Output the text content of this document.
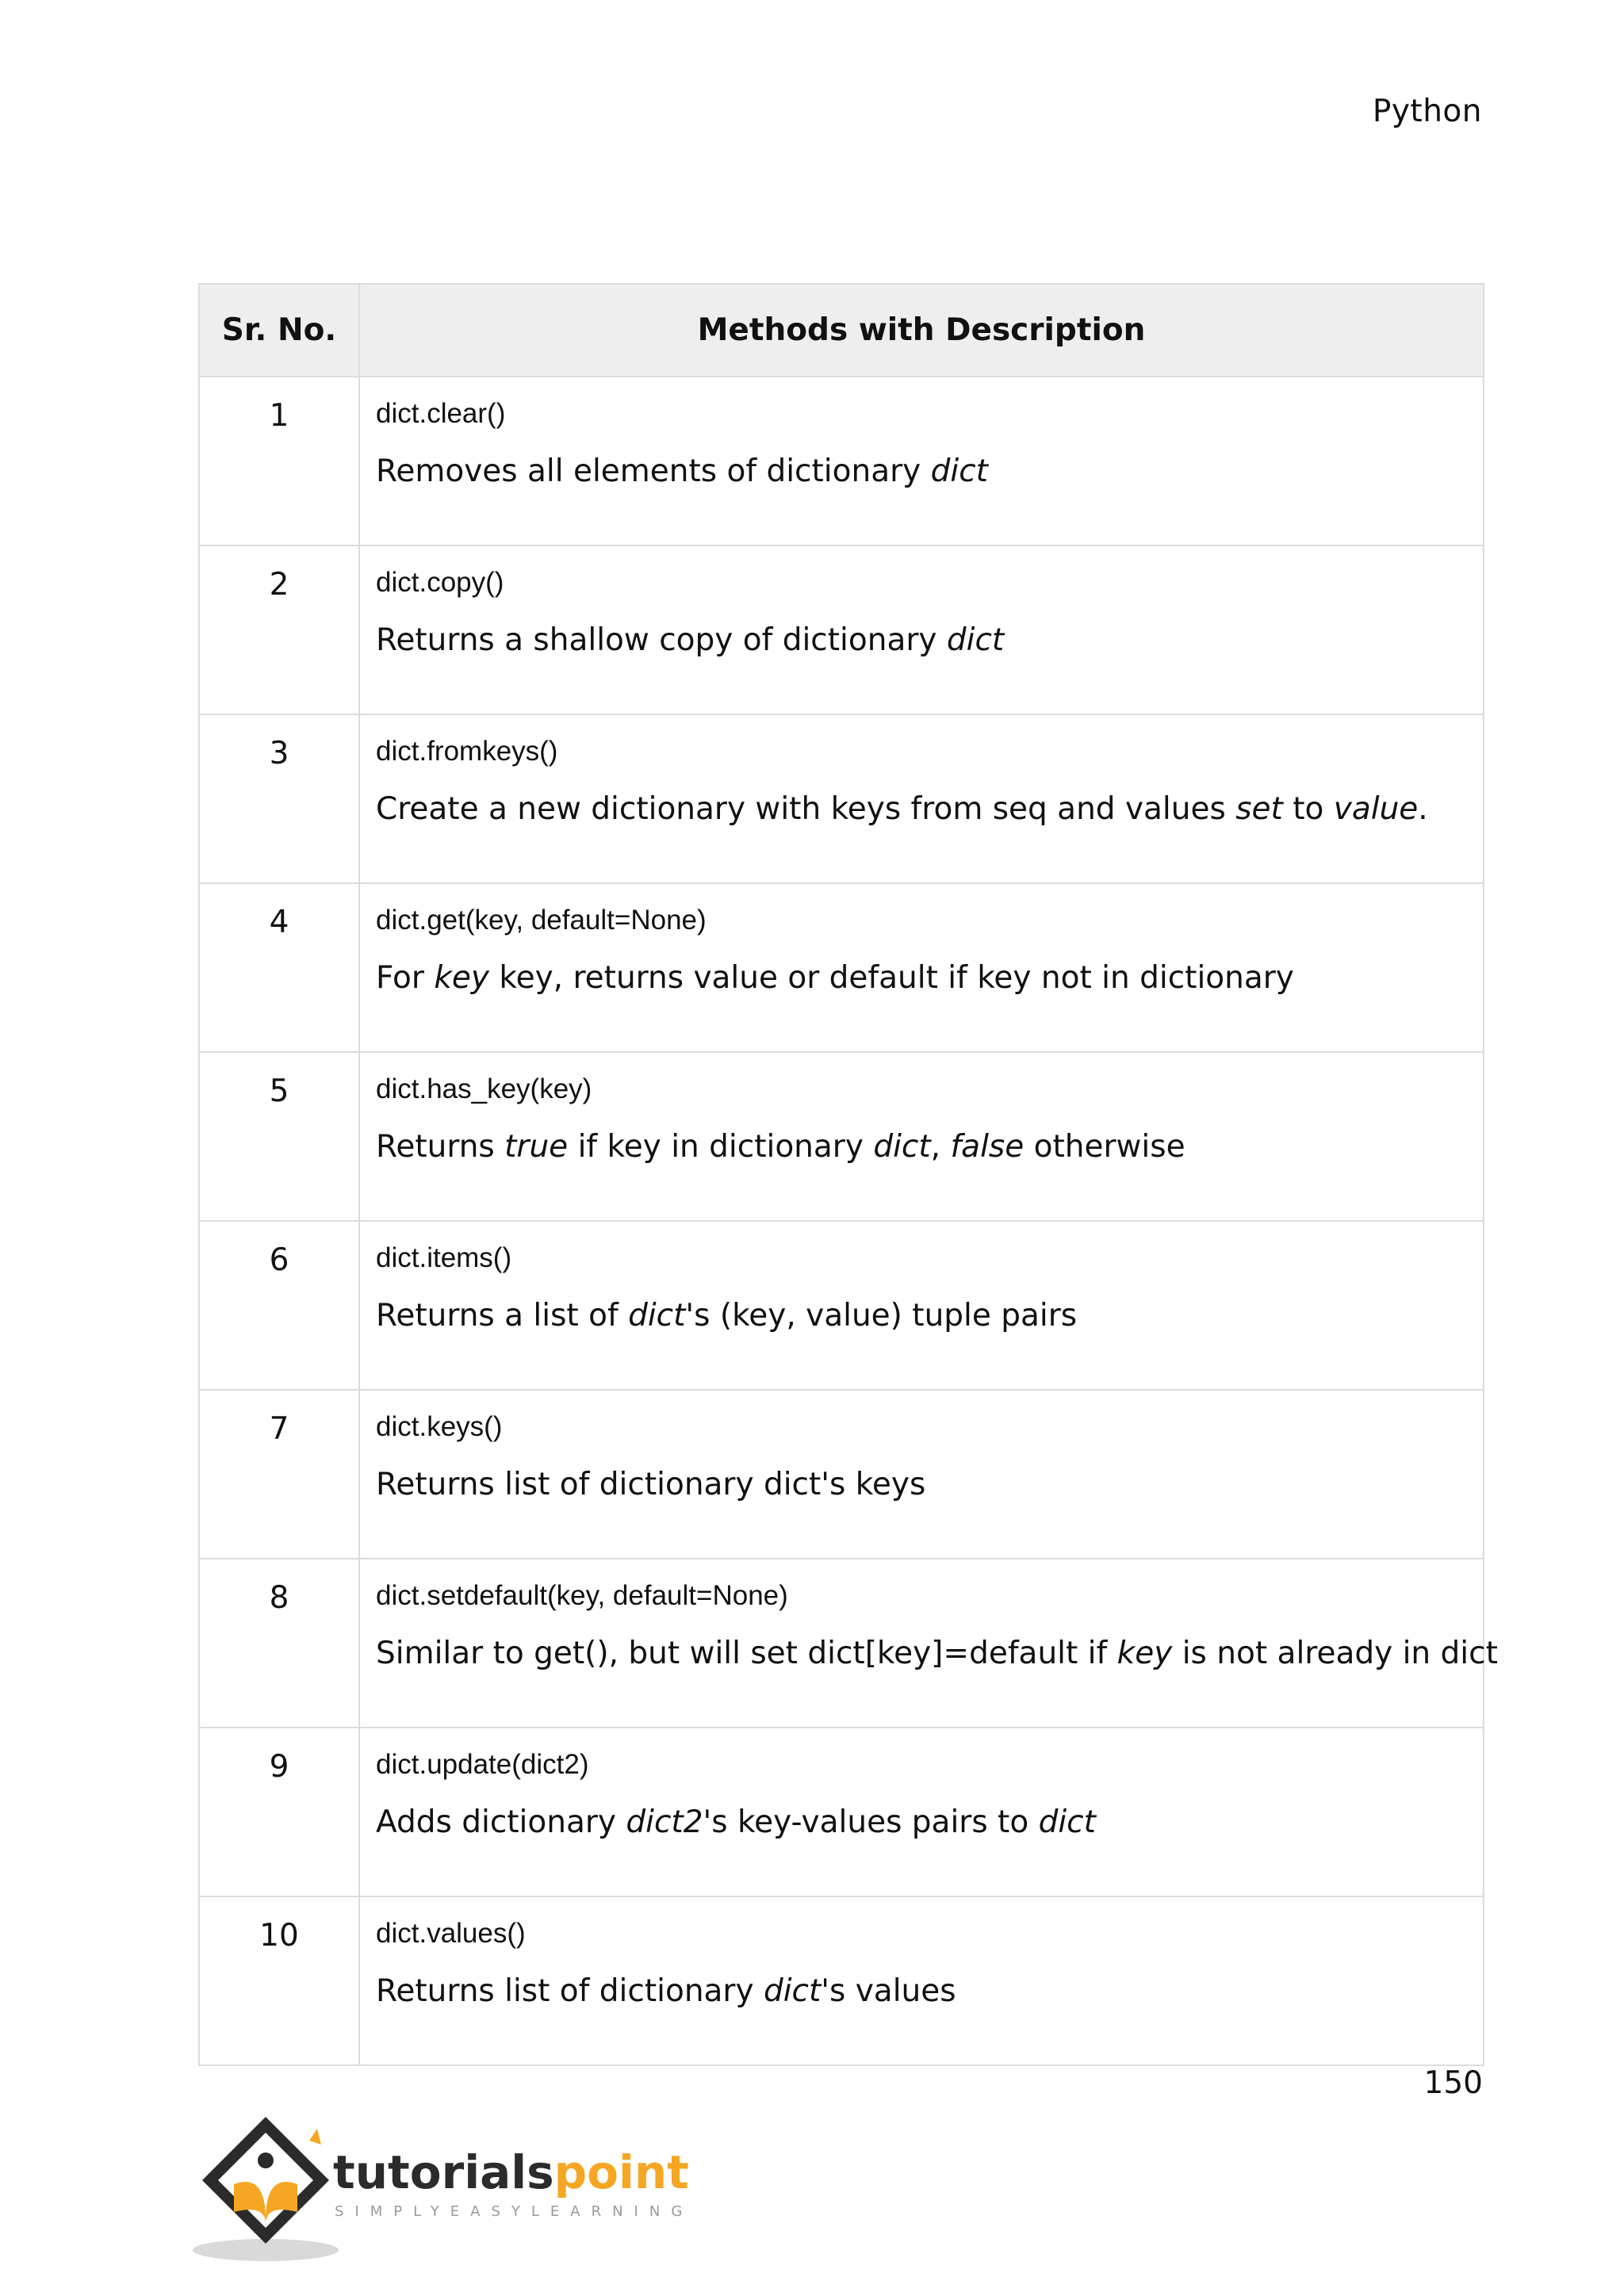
Python
Sr. No.	Methods with Description
1	dict.clear()
Removes all elements of dictionary dict

2	dict.copy()
Returns a shallow copy of dictionary dict

3	dict.fromkeys()
Create a new dictionary with keys from seq and values set to value.

4	dict.get(key, default=None)
For key key, returns value or default if key not in dictionary

5	dict.has_key(key)
Returns true if key in dictionary dict, false otherwise

6	dict.items()
Returns a list of dict's (key, value) tuple pairs

7	dict.keys()
Returns list of dictionary dict's keys

8	dict.setdefault(key, default=None)
Similar to get(), but will set dict[key]=default if key is not already in dict

9	dict.update(dict2)
Adds dictionary dict2's key-values pairs to dict

10	dict.values()
Returns list of dictionary dict's values
150
tutorialspoint
SIMPLYEASYLEARNING
